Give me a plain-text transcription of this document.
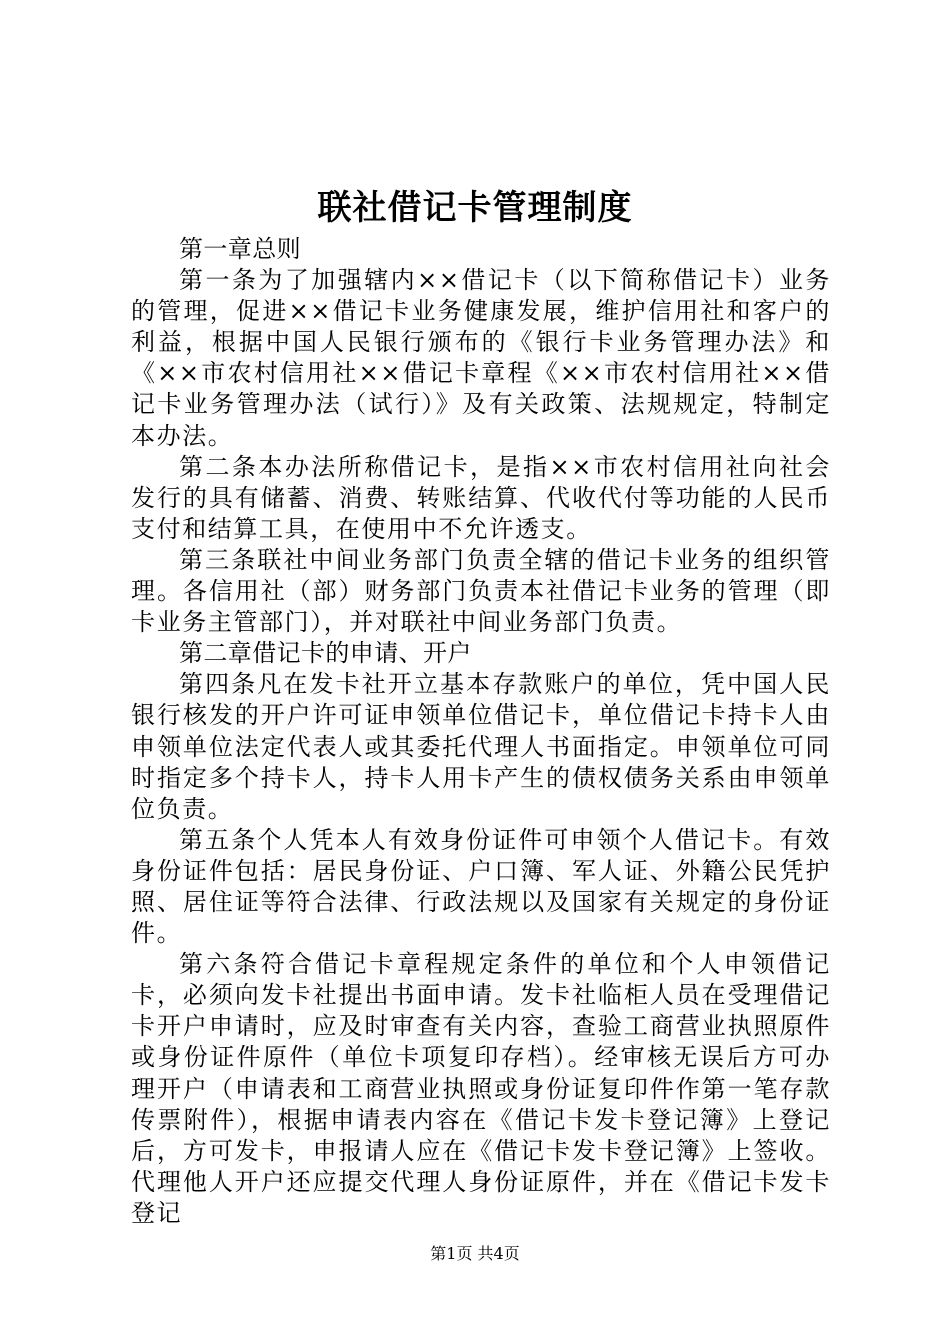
联社借记卡管理制度

第一章总则

第一条为了加强辖内××借记卡（以下简称借记卡）业务的管理，促进××借记卡业务健康发展，维护信用社和客户的利益，根据中国人民银行颁布的《银行卡业务管理办法》和《××市农村信用社××借记卡章程《××市农村信用社××借记卡业务管理办法（试行）》及有关政策、法规规定，特制定本办法。

第二条本办法所称借记卡，是指××市农村信用社向社会发行的具有储蓄、消费、转账结算、代收代付等功能的人民币支付和结算工具，在使用中不允许透支。

第三条联社中间业务部门负责全辖的借记卡业务的组织管理。各信用社（部）财务部门负责本社借记卡业务的管理（即卡业务主管部门），并对联社中间业务部门负责。

第二章借记卡的申请、开户

第四条凡在发卡社开立基本存款账户的单位，凭中国人民银行核发的开户许可证申领单位借记卡，单位借记卡持卡人由申领单位法定代表人或其委托代理人书面指定。申领单位可同时指定多个持卡人，持卡人用卡产生的债权债务关系由申领单位负责。

第五条个人凭本人有效身份证件可申领个人借记卡。有效身份证件包括：居民身份证、户口簿、军人证、外籍公民凭护照、居住证等符合法律、行政法规以及国家有关规定的身份证件。

第六条符合借记卡章程规定条件的单位和个人申领借记卡，必须向发卡社提出书面申请。发卡社临柜人员在受理借记卡开户申请时，应及时审查有关内容，查验工商营业执照原件或身份证件原件（单位卡项复印存档）。经审核无误后方可办理开户（申请表和工商营业执照或身份证复印件作第一笔存款传票附件），根据申请表内容在《借记卡发卡登记簿》上登记后，方可发卡，申报请人应在《借记卡发卡登记簿》上签收。代理他人开户还应提交代理人身份证原件，并在《借记卡发卡登记

第1页 共4页
